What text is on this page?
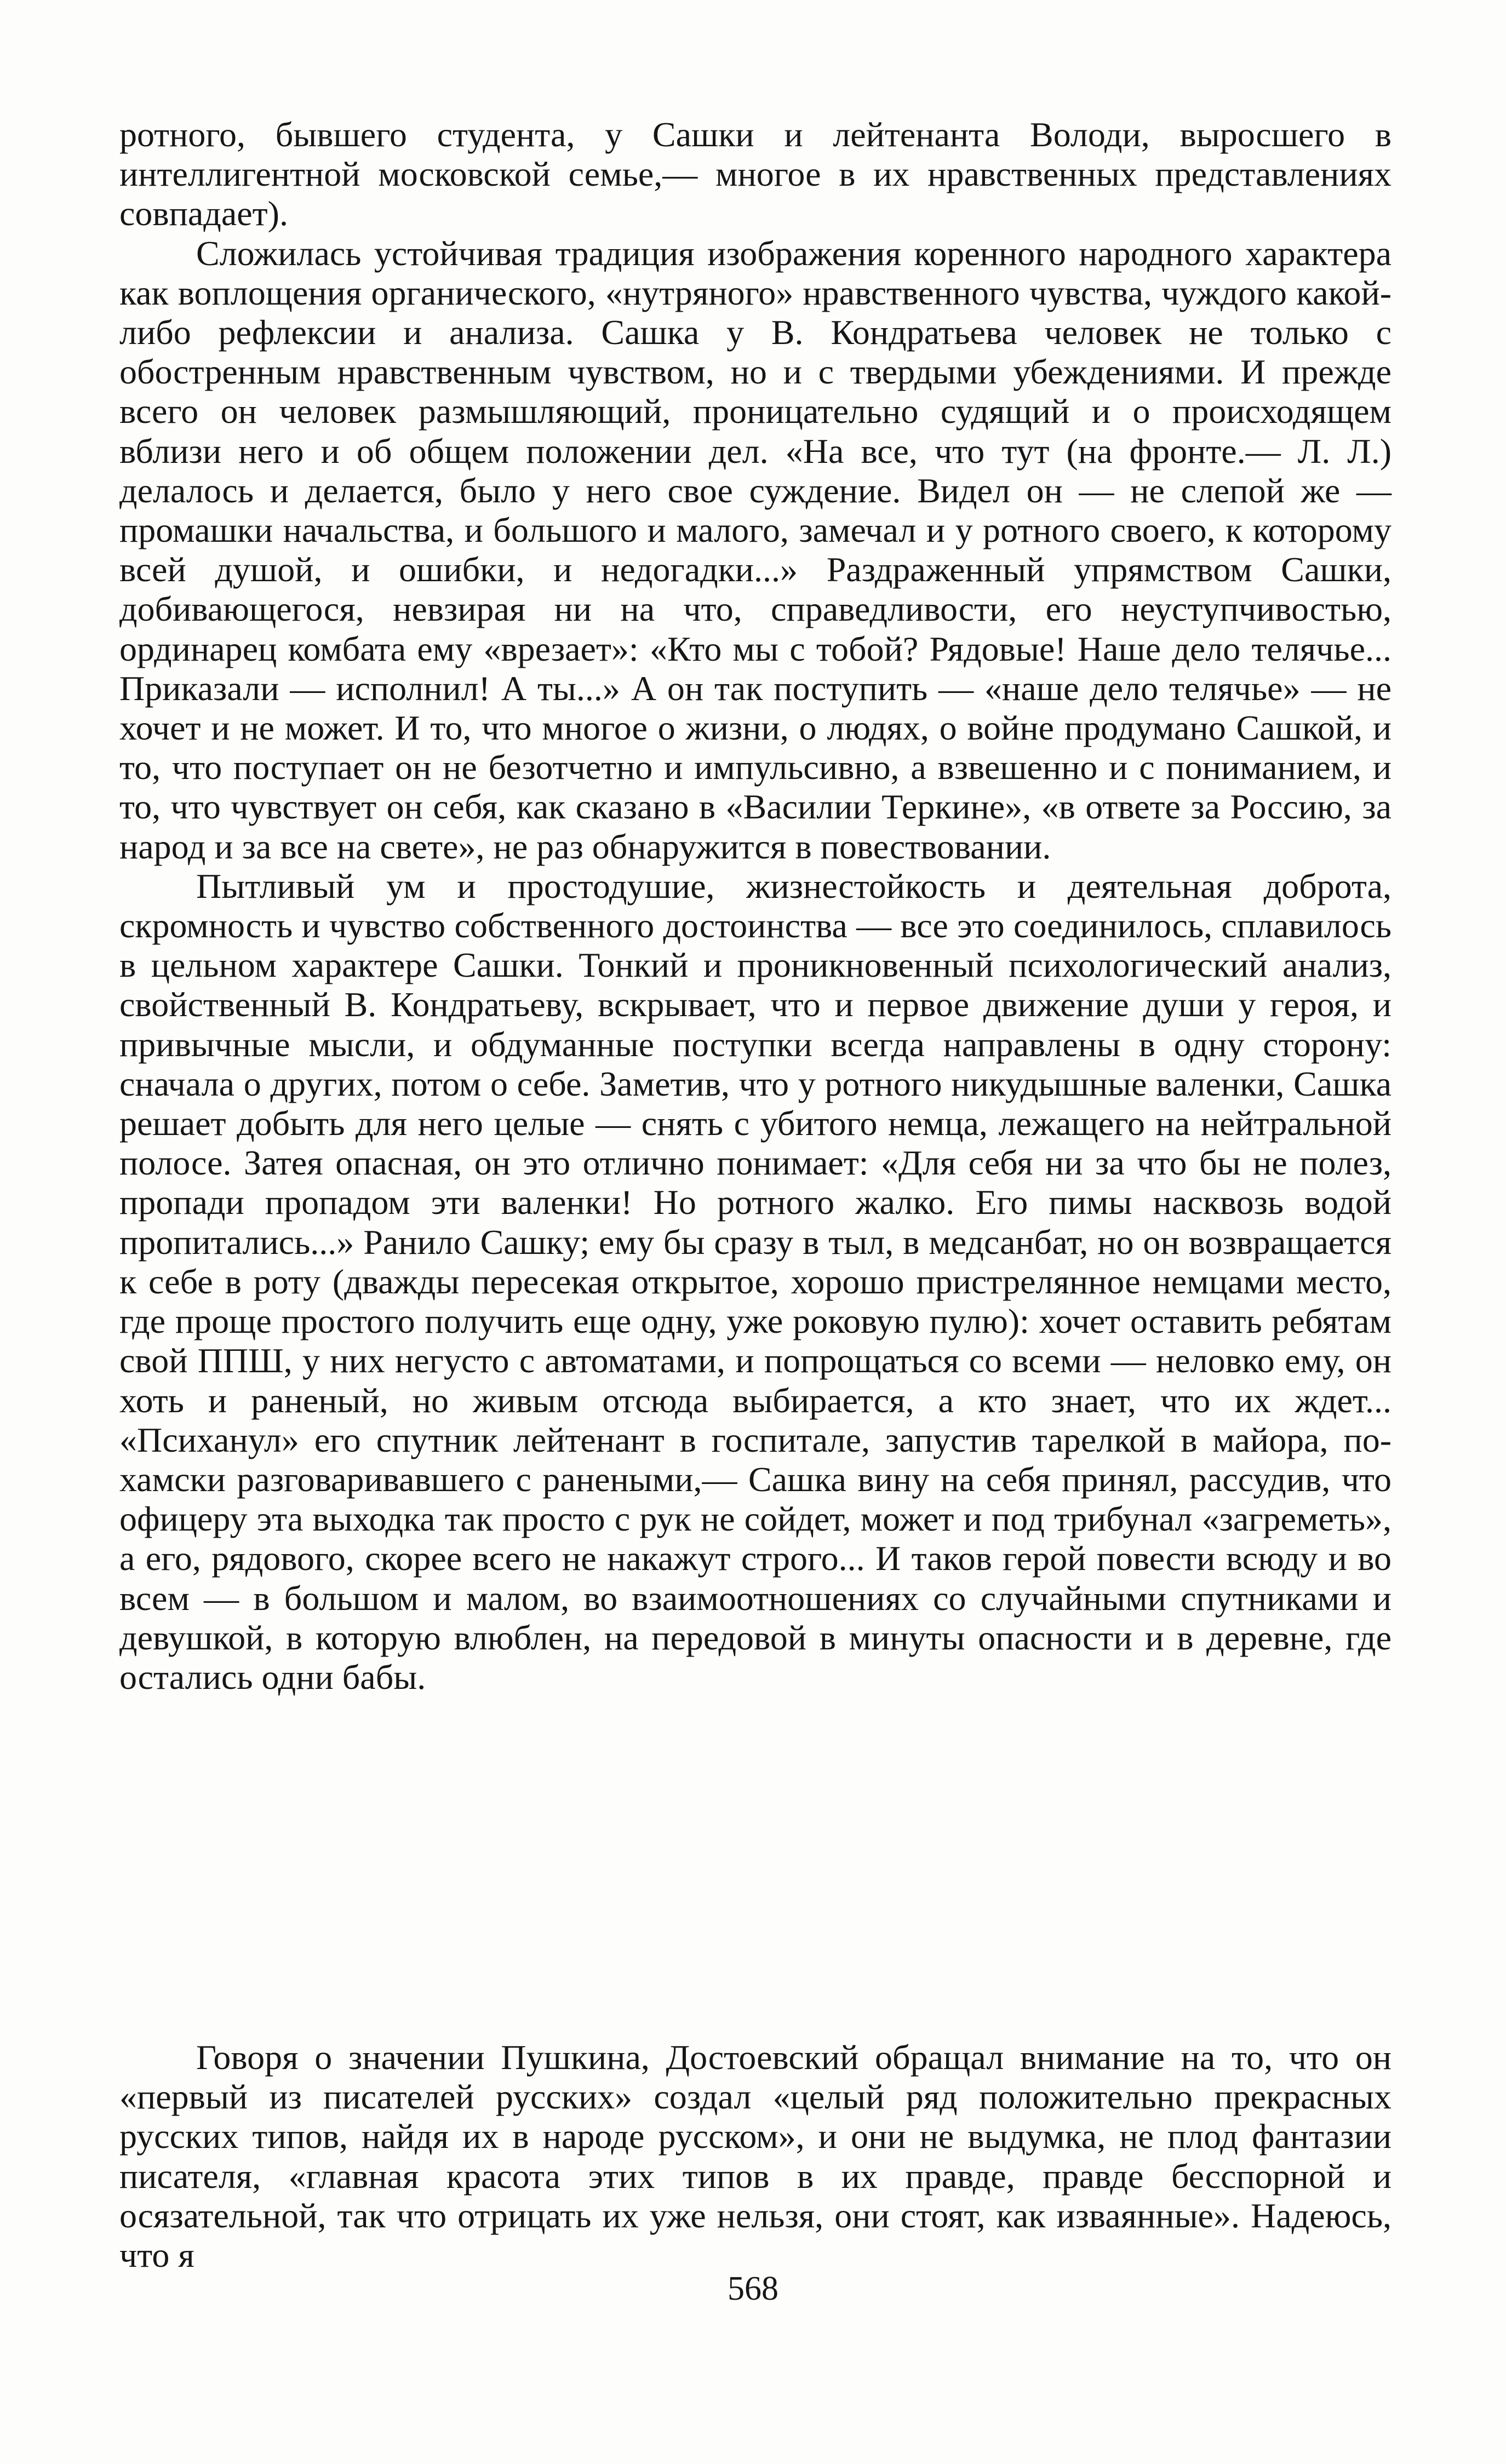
ротного, бывшего студента, у Сашки и лейтенанта Володи, выросшего в интеллигентной московской семье,— многое в их нравственных представлениях совпадает).

Сложилась устойчивая традиция изображения коренного народного характера как воплощения органического, «нутряного» нравственного чувства, чуждого какой-либо рефлексии и анализа. Сашка у В. Кондратьева человек не только с обостренным нравственным чувством, но и с твердыми убеждениями. И прежде всего он человек размышляющий, проницательно судящий и о происходящем вблизи него и об общем положении дел. «На все, что тут (на фронте.— Л. Л.) делалось и делается, было у него свое суждение. Видел он — не слепой же — промашки начальства, и большого и малого, замечал и у ротного своего, к которому всей душой, и ошибки, и недогадки...» Раздраженный упрямством Сашки, добивающегося, невзирая ни на что, справедливости, его неуступчивостью, ординарец комбата ему «врезает»: «Кто мы с тобой? Рядовые! Наше дело телячье... Приказали — исполнил! А ты...» А он так поступить — «наше дело телячье» — не хочет и не может. И то, что многое о жизни, о людях, о войне продумано Сашкой, и то, что поступает он не безотчетно и импульсивно, а взвешенно и с пониманием, и то, что чувствует он себя, как сказано в «Василии Теркине», «в ответе за Россию, за народ и за все на свете», не раз обнаружится в повествовании.

Пытливый ум и простодушие, жизнестойкость и деятельная доброта, скромность и чувство собственного достоинства — все это соединилось, сплавилось в цельном характере Сашки. Тонкий и проникновенный психологический анализ, свойственный В. Кондратьеву, вскрывает, что и первое движение души у героя, и привычные мысли, и обдуманные поступки всегда направлены в одну сторону: сначала о других, потом о себе. Заметив, что у ротного никудышные валенки, Сашка решает добыть для него целые — снять с убитого немца, лежащего на нейтральной полосе. Затея опасная, он это отлично понимает: «Для себя ни за что бы не полез, пропади пропадом эти валенки! Но ротного жалко. Его пимы насквозь водой пропитались...» Ранило Сашку; ему бы сразу в тыл, в медсанбат, но он возвращается к себе в роту (дважды пересекая открытое, хорошо пристрелянное немцами место, где проще простого получить еще одну, уже роковую пулю): хочет оставить ребятам свой ППШ, у них негусто с автоматами, и попрощаться со всеми — неловко ему, он хоть и раненый, но живым отсюда выбирается, а кто знает, что их ждет... «Психанул» его спутник лейтенант в госпитале, запустив тарелкой в майора, по-хамски разговаривавшего с ранеными,— Сашка вину на себя принял, рассудив, что офицеру эта выходка так просто с рук не сойдет, может и под трибунал «загреметь», а его, рядового, скорее всего не накажут строго... И таков герой повести всюду и во всем — в большом и малом, во взаимоотношениях со случайными спутниками и девушкой, в которую влюблен, на передовой в минуты опасности и в деревне, где остались одни бабы.

Говоря о значении Пушкина, Достоевский обращал внимание на то, что он «первый из писателей русских» создал «целый ряд положительно прекрасных русских типов, найдя их в народе русском», и они не выдумка, не плод фантазии писателя, «главная красота этих типов в их правде, правде бесспорной и осязательной, так что отрицать их уже нельзя, они стоят, как изваянные». Надеюсь, что я

568
